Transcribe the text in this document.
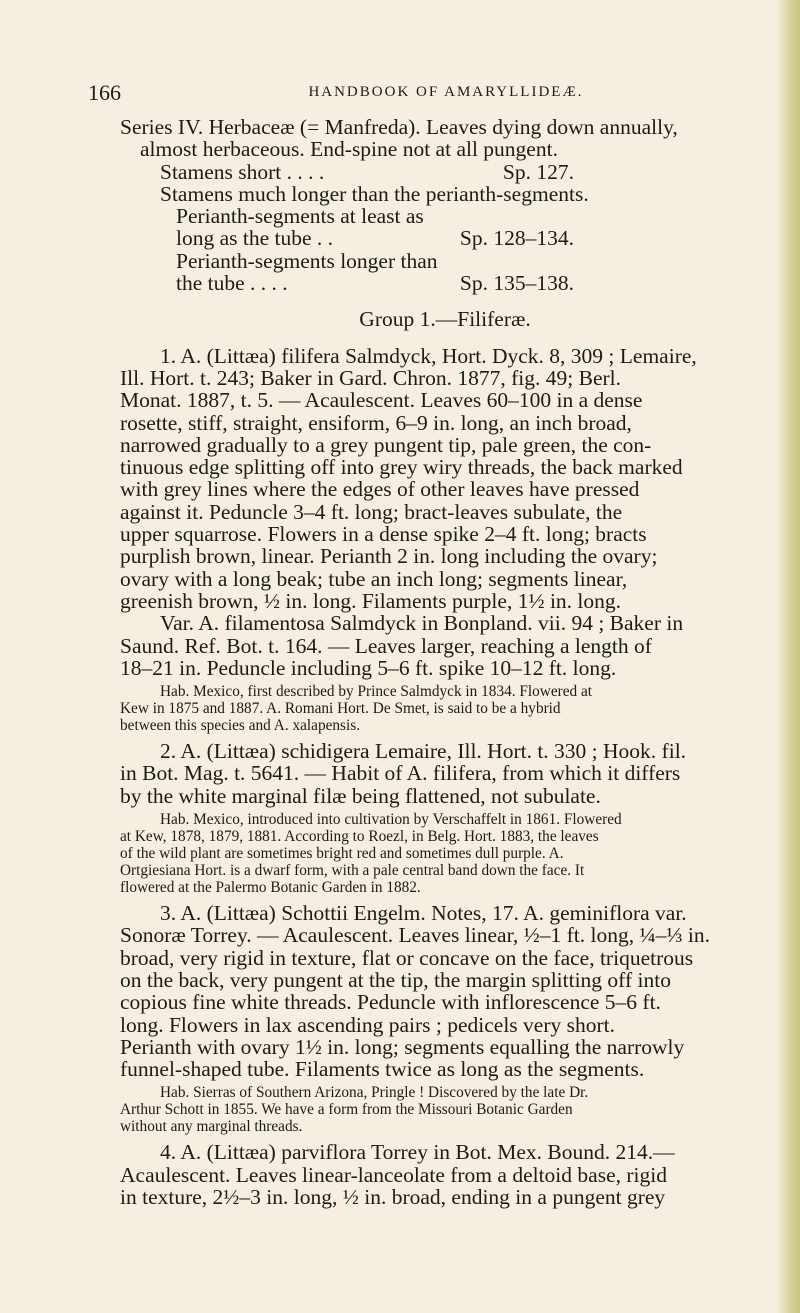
166	HANDBOOK OF AMARYLLIDEÆ.
Series IV. Herbaceæ (= Manfreda). Leaves dying down annually,
almost herbaceous. End-spine not at all pungent.
Stamens short . . . .	Sp. 127.
Stamens much longer than the perianth-segments.
Perianth-segments at least as
long as the tube . .	Sp. 128–134.
Perianth-segments longer than
the tube . . . .	Sp. 135–138.
Group 1.—Filiferæ.
1. A. (Littæa) filifera Salmdyck, Hort. Dyck. 8, 309 ; Lemaire,
Ill. Hort. t. 243; Baker in Gard. Chron. 1877, fig. 49; Berl.
Monat. 1887, t. 5. — Acaulescent. Leaves 60–100 in a dense
rosette, stiff, straight, ensiform, 6–9 in. long, an inch broad,
narrowed gradually to a grey pungent tip, pale green, the con-
tinuous edge splitting off into grey wiry threads, the back marked
with grey lines where the edges of other leaves have pressed
against it. Peduncle 3–4 ft. long; bract-leaves subulate, the
upper squarrose. Flowers in a dense spike 2–4 ft. long; bracts
purplish brown, linear. Perianth 2 in. long including the ovary;
ovary with a long beak; tube an inch long; segments linear,
greenish brown, ½ in. long. Filaments purple, 1½ in. long.
Var. A. filamentosa Salmdyck in Bonpland. vii. 94 ; Baker in
Saund. Ref. Bot. t. 164. — Leaves larger, reaching a length of
18–21 in. Peduncle including 5–6 ft. spike 10–12 ft. long.
Hab. Mexico, first described by Prince Salmdyck in 1834. Flowered at
Kew in 1875 and 1887. A. Romani Hort. De Smet, is said to be a hybrid
between this species and A. xalapensis.
2. A. (Littæa) schidigera Lemaire, Ill. Hort. t. 330 ; Hook. fil.
in Bot. Mag. t. 5641. — Habit of A. filifera, from which it differs
by the white marginal filæ being flattened, not subulate.
Hab. Mexico, introduced into cultivation by Verschaffelt in 1861. Flowered
at Kew, 1878, 1879, 1881. According to Roezl, in Belg. Hort. 1883, the leaves
of the wild plant are sometimes bright red and sometimes dull purple. A.
Ortgiesiana Hort. is a dwarf form, with a pale central band down the face. It
flowered at the Palermo Botanic Garden in 1882.
3. A. (Littæa) Schottii Engelm. Notes, 17. A. geminiflora var.
Sonoræ Torrey. — Acaulescent. Leaves linear, ½–1 ft. long, ¼–⅓ in.
broad, very rigid in texture, flat or concave on the face, triquetrous
on the back, very pungent at the tip, the margin splitting off into
copious fine white threads. Peduncle with inflorescence 5–6 ft.
long. Flowers in lax ascending pairs ; pedicels very short.
Perianth with ovary 1½ in. long; segments equalling the narrowly
funnel-shaped tube. Filaments twice as long as the segments.
Hab. Sierras of Southern Arizona, Pringle ! Discovered by the late Dr.
Arthur Schott in 1855. We have a form from the Missouri Botanic Garden
without any marginal threads.
4. A. (Littæa) parviflora Torrey in Bot. Mex. Bound. 214.—
Acaulescent. Leaves linear-lanceolate from a deltoid base, rigid
in texture, 2½–3 in. long, ½ in. broad, ending in a pungent grey
